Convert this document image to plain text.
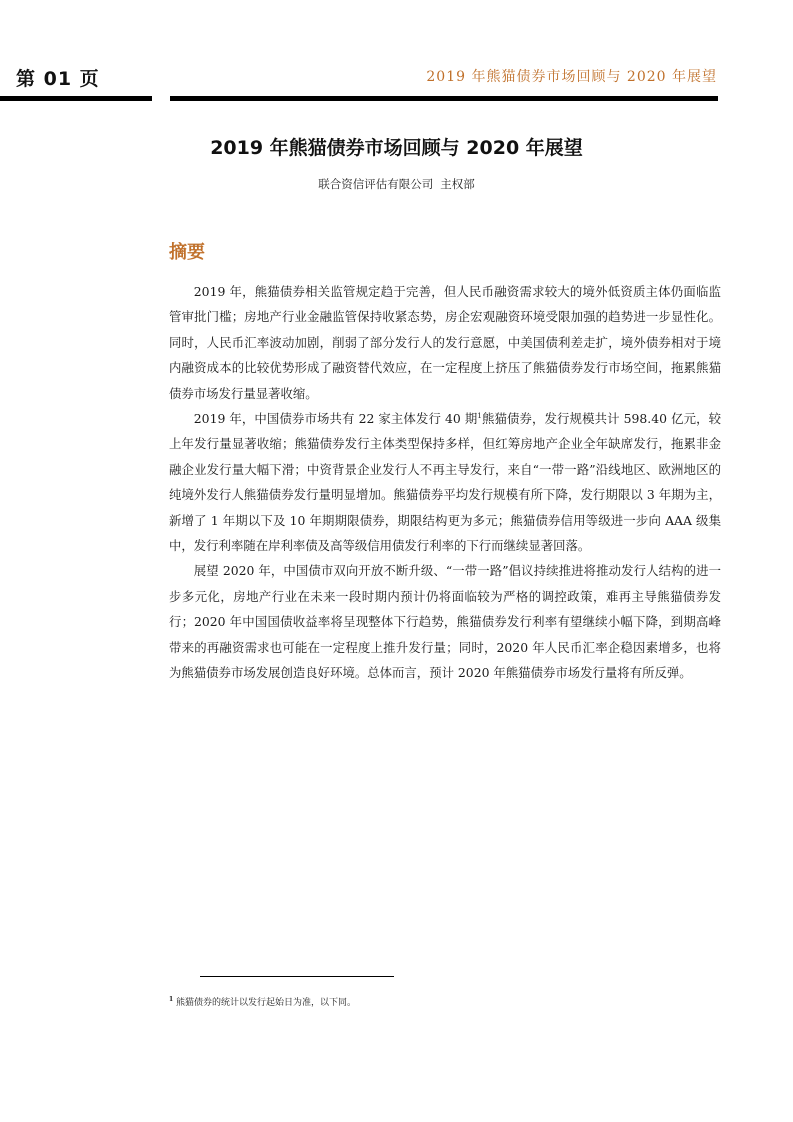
第 01 页	2019 年熊猫债券市场回顾与 2020 年展望
2019 年熊猫债券市场回顾与 2020 年展望
联合资信评估有限公司 主权部
摘要

2019 年，熊猫债券相关监管规定趋于完善，但人民币融资需求较大的境外低资质主体仍面临监管审批门槛；房地产行业金融监管保持收紧态势，房企宏观融资环境受限加强的趋势进一步显性化。同时，人民币汇率波动加剧，削弱了部分发行人的发行意愿，中美国债利差走扩，境外债券相对于境内融资成本的比较优势形成了融资替代效应，在一定程度上挤压了熊猫债券发行市场空间，拖累熊猫债券市场发行量显著收缩。

2019 年，中国债券市场共有 22 家主体发行 40 期$^1$熊猫债券，发行规模共计 598.40 亿元，较上年发行量显著收缩；熊猫债券发行主体类型保持多样，但红筹房地产企业全年缺席发行，拖累非金融企业发行量大幅下滑；中资背景企业发行人不再主导发行，来自“一带一路”沿线地区、欧洲地区的纯境外发行人熊猫债券发行量明显增加。熊猫债券平均发行规模有所下降，发行期限以 3 年期为主，新增了 1 年期以下及 10 年期期限债券，期限结构更为多元；熊猫债券信用等级进一步向 AAA 级集中，发行利率随在岸利率债及高等级信用债发行利率的下行而继续显著回落。

展望 2020 年，中国债市双向开放不断升级、“一带一路”倡议持续推进将推动发行人结构的进一步多元化，房地产行业在未来一段时期内预计仍将面临较为严格的调控政策，难再主导熊猫债券发行；2020 年中国国债收益率将呈现整体下行趋势，熊猫债券发行利率有望继续小幅下降，到期高峰带来的再融资需求也可能在一定程度上推升发行量；同时，2020 年人民币汇率企稳因素增多，也将为熊猫债券市场发展创造良好环境。总体而言，预计 2020 年熊猫债券市场发行量将有所反弹。

$^1$ 熊猫债券的统计以发行起始日为准，以下同。
